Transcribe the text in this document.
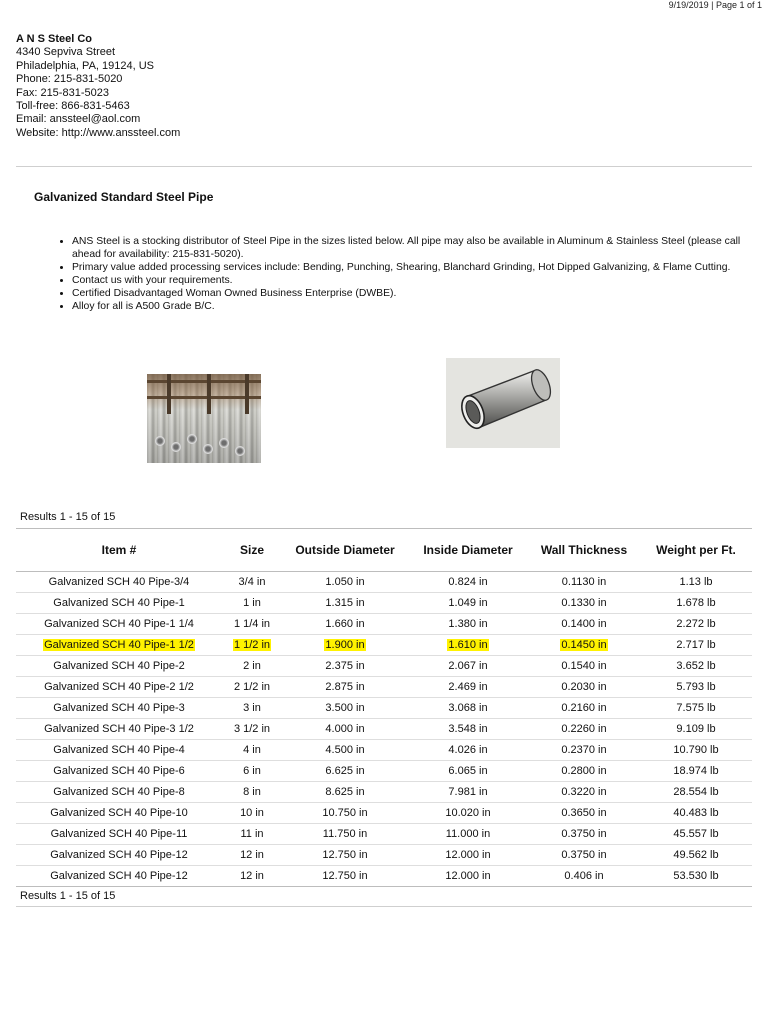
9/19/2019 | Page 1 of 1
A N S Steel Co
4340 Sepviva Street
Philadelphia, PA, 19124, US
Phone: 215-831-5020
Fax: 215-831-5023
Toll-free: 866-831-5463
Email: anssteel@aol.com
Website: http://www.anssteel.com
Galvanized Standard Steel Pipe
• ANS Steel is a stocking distributor of Steel Pipe in the sizes listed below. All pipe may also be available in Aluminum & Stainless Steel (please call ahead for availability: 215-831-5020).
• Primary value added processing services include: Bending, Punching, Shearing, Blanchard Grinding, Hot Dipped Galvanizing, & Flame Cutting.
• Contact us with your requirements.
• Certified Disadvantaged Woman Owned Business Enterprise (DWBE).
• Alloy for all is A500 Grade B/C.
Results 1 - 15 of 15
Item #	Size	Outside Diameter	Inside Diameter	Wall Thickness	Weight per Ft.
Galvanized SCH 40 Pipe-3/4	3/4 in	1.050 in	0.824 in	0.1130 in	1.13 lb
Galvanized SCH 40 Pipe-1	1 in	1.315 in	1.049 in	0.1330 in	1.678 lb
Galvanized SCH 40 Pipe-1 1/4	1 1/4 in	1.660 in	1.380 in	0.1400 in	2.272 lb
Galvanized SCH 40 Pipe-1 1/2	1 1/2 in	1.900 in	1.610 in	0.1450 in	2.717 lb
Galvanized SCH 40 Pipe-2	2 in	2.375 in	2.067 in	0.1540 in	3.652 lb
Galvanized SCH 40 Pipe-2 1/2	2 1/2 in	2.875 in	2.469 in	0.2030 in	5.793 lb
Galvanized SCH 40 Pipe-3	3 in	3.500 in	3.068 in	0.2160 in	7.575 lb
Galvanized SCH 40 Pipe-3 1/2	3 1/2 in	4.000 in	3.548 in	0.2260 in	9.109 lb
Galvanized SCH 40 Pipe-4	4 in	4.500 in	4.026 in	0.2370 in	10.790 lb
Galvanized SCH 40 Pipe-6	6 in	6.625 in	6.065 in	0.2800 in	18.974 lb
Galvanized SCH 40 Pipe-8	8 in	8.625 in	7.981 in	0.3220 in	28.554 lb
Galvanized SCH 40 Pipe-10	10 in	10.750 in	10.020 in	0.3650 in	40.483 lb
Galvanized SCH 40 Pipe-11	11 in	11.750 in	11.000 in	0.3750 in	45.557 lb
Galvanized SCH 40 Pipe-12	12 in	12.750 in	12.000 in	0.3750 in	49.562 lb
Galvanized SCH 40 Pipe-12	12 in	12.750 in	12.000 in	0.406 in	53.530 lb
Results 1 - 15 of 15
